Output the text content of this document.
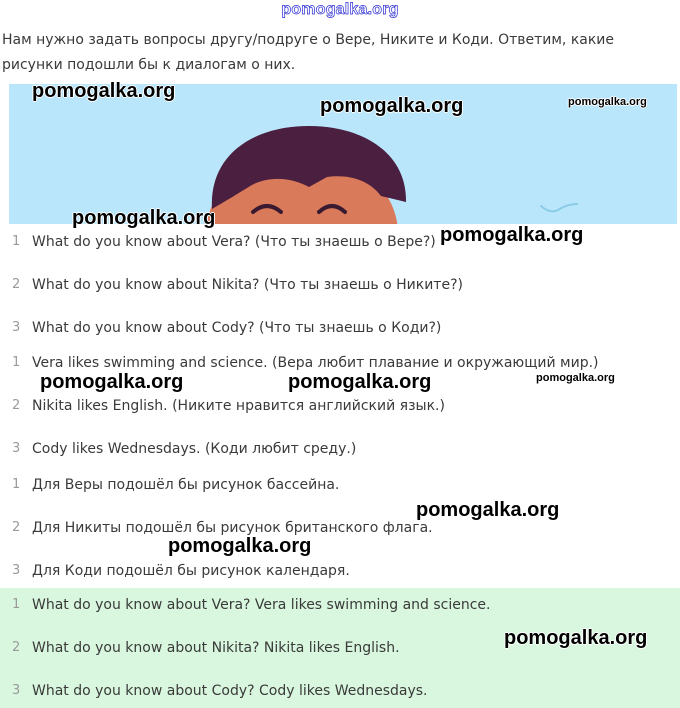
pomogalka.org
Нам нужно задать вопросы другу/подруге о Вере, Никите и Коди. Ответим, какие рисунки подошли бы к диалогам о них.
1 What do you know about Vera? (Что ты знаешь о Вере?)
2 What do you know about Nikita? (Что ты знаешь о Никите?)
3 What do you know about Cody? (Что ты знаешь о Коди?)
1 Vera likes swimming and science. (Вера любит плавание и окружающий мир.)
2 Nikita likes English. (Никите нравится английский язык.)
3 Cody likes Wednesdays. (Коди любит среду.)
1 Для Веры подошёл бы рисунок бассейна.
2 Для Никиты подошёл бы рисунок британского флага.
3 Для Коди подошёл бы рисунок календаря.
1 What do you know about Vera? Vera likes swimming and science.
2 What do you know about Nikita? Nikita likes English.
3 What do you know about Cody? Cody likes Wednesdays.
pomogalka.org
pomogalka.org	pomogalka.org
pomogalka.org
pomogalka.org
pomogalka.org	pomogalka.org	pomogalka.org
pomogalka.org
pomogalka.org
pomogalka.org
